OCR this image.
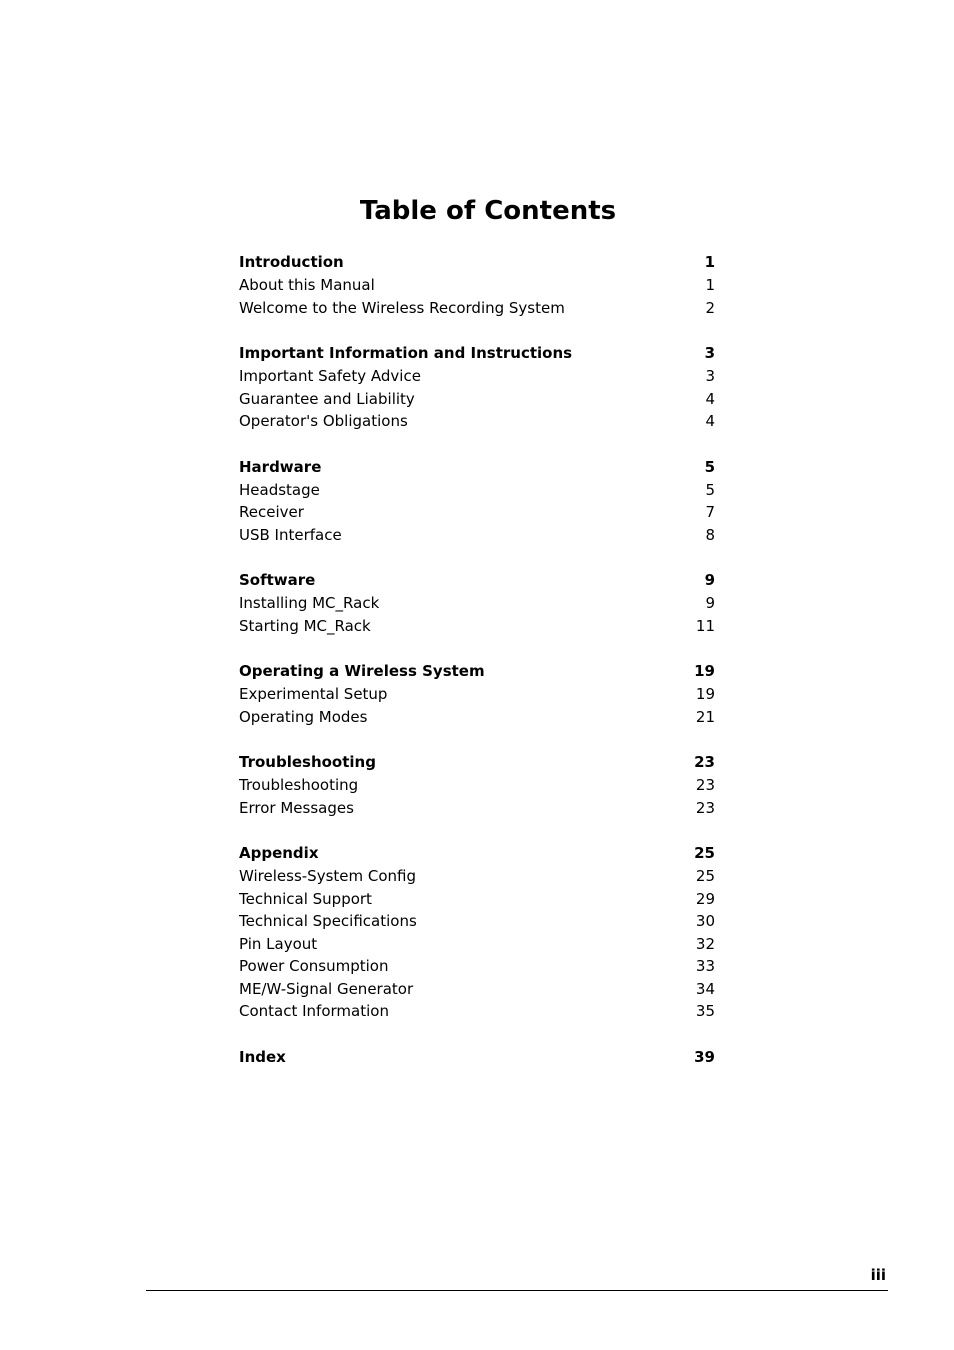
Table of Contents
Introduction	1
About this Manual	1
Welcome to the Wireless Recording System	2
Important Information and Instructions	3
Important Safety Advice	3
Guarantee and Liability	4
Operator's Obligations	4
Hardware	5
Headstage	5
Receiver	7
USB Interface	8
Software	9
Installing MC_Rack	9
Starting MC_Rack	11
Operating a Wireless System	19
Experimental Setup	19
Operating Modes	21
Troubleshooting	23
Troubleshooting	23
Error Messages	23
Appendix	25
Wireless-System Config	25
Technical Support	29
Technical Specifications	30
Pin Layout	32
Power Consumption	33
ME/W-Signal Generator	34
Contact Information	35
Index	39
iii
